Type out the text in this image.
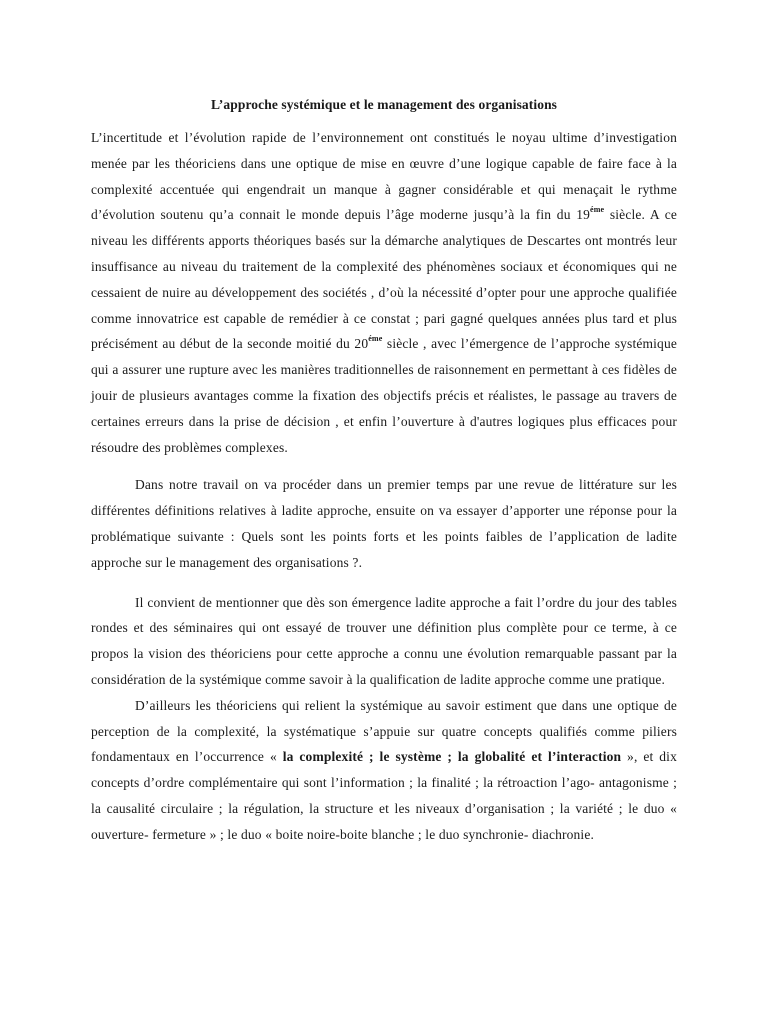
L’approche systémique et le management des organisations

L’incertitude et l’évolution rapide de l’environnement ont constitués le noyau ultime d’investigation menée par les théoriciens dans une optique de mise en œuvre d’une logique capable de faire face à la complexité accentuée qui engendrait un manque à gagner considérable et qui menaçait le rythme d’évolution soutenu qu’a connait le monde depuis l’âge moderne jusqu’à la fin du $19^{éme}$ siècle. A ce niveau les différents apports théoriques basés sur la démarche analytiques de Descartes ont montrés leur insuffisance au niveau du traitement de la complexité des phénomènes sociaux et économiques qui ne cessaient de nuire au développement des sociétés , d’où la nécessité d’opter pour une approche qualifiée comme innovatrice est capable de remédier à ce constat ; pari gagné quelques années plus tard et plus précisément au début de la seconde moitié du $20^{éme}$ siècle , avec l’émergence de l’approche systémique qui a assurer une rupture avec les manières traditionnelles de raisonnement en permettant à ces fidèles de jouir de plusieurs avantages comme la fixation des objectifs précis et réalistes, le passage au travers de certaines erreurs dans la prise de décision , et enfin l’ouverture à d'autres logiques plus efficaces pour résoudre des problèmes complexes.

Dans notre travail on va procéder dans un premier temps par une revue de littérature sur les différentes définitions relatives à ladite approche, ensuite on va essayer d’apporter une réponse pour la problématique suivante : Quels sont les points forts et les points faibles de l’application de ladite approche sur le management des organisations ?.

Il convient de mentionner que dès son émergence ladite approche a fait l’ordre du jour des tables rondes et des séminaires qui ont essayé de trouver une définition plus complète pour ce terme, à ce propos la vision des théoriciens pour cette approche a connu une évolution remarquable passant par la considération de la systémique comme savoir à la qualification de ladite approche comme une pratique.

D’ailleurs les théoriciens qui relient la systémique au savoir estiment que dans une optique de perception de la complexité, la systématique s’appuie sur quatre concepts qualifiés comme piliers fondamentaux en l’occurrence « la complexité ; le système ; la globalité et l’interaction », et dix concepts d’ordre complémentaire qui sont l’information ; la finalité ; la rétroaction l’ago- antagonisme ; la causalité circulaire ; la régulation, la structure et les niveaux d’organisation ; la variété ; le duo « ouverture- fermeture » ; le duo « boite noire-boite blanche ; le duo synchronie- diachronie.
